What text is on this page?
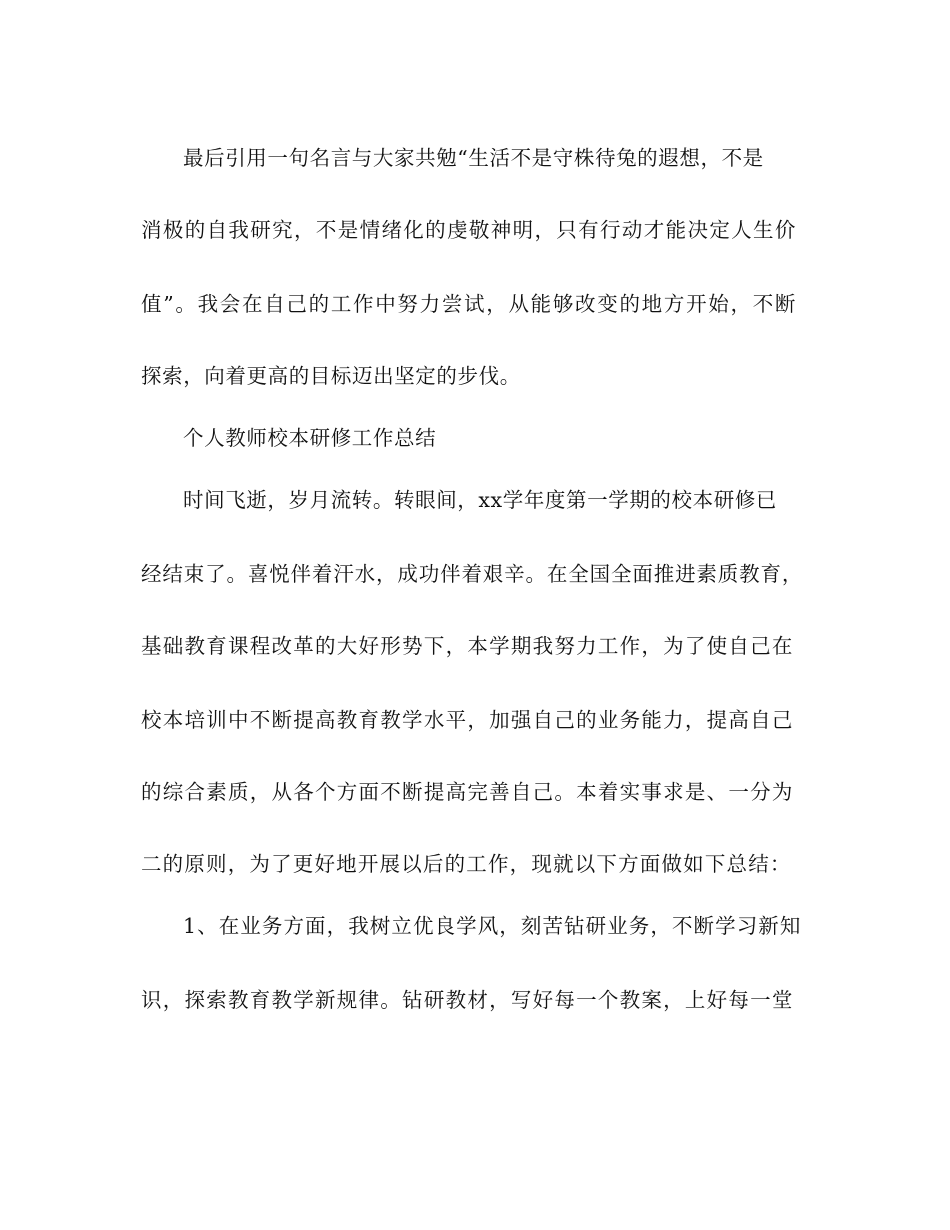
最后引用一句名言与大家共勉“生活不是守株待兔的遐想，不是
消极的自我研究，不是情绪化的虔敬神明，只有行动才能决定人生价
值”。我会在自己的工作中努力尝试，从能够改变的地方开始，不断
探索，向着更高的目标迈出坚定的步伐。
个人教师校本研修工作总结
时间飞逝，岁月流转。转眼间，xx学年度第一学期的校本研修已
经结束了。喜悦伴着汗水，成功伴着艰辛。在全国全面推进素质教育，
基础教育课程改革的大好形势下，本学期我努力工作，为了使自己在
校本培训中不断提高教育教学水平，加强自己的业务能力，提高自己
的综合素质，从各个方面不断提高完善自己。本着实事求是、一分为
二的原则，为了更好地开展以后的工作，现就以下方面做如下总结：
1、在业务方面，我树立优良学风，刻苦钻研业务，不断学习新知
识，探索教育教学新规律。钻研教材，写好每一个教案，上好每一堂
